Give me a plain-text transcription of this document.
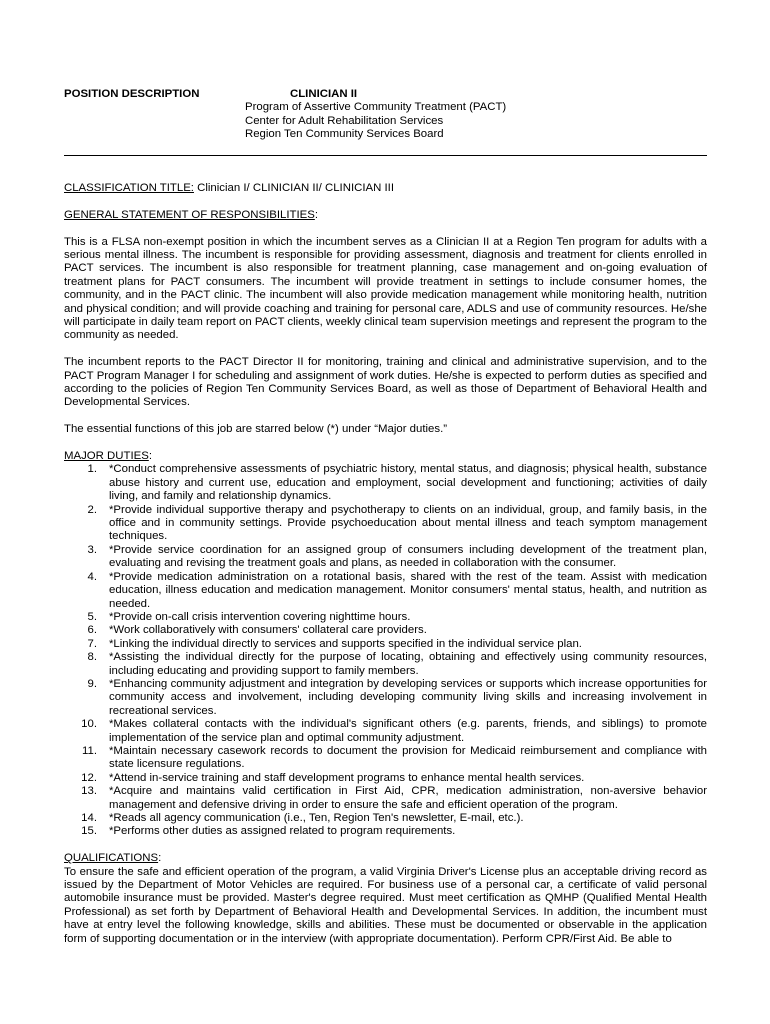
POSITION DESCRIPTION	CLINICIAN II
Program of Assertive Community Treatment (PACT)
Center for Adult Rehabilitation Services
Region Ten Community Services Board

CLASSIFICATION TITLE: Clinician I/ CLINICIAN II/ CLINICIAN III

GENERAL STATEMENT OF RESPONSIBILITIES:

This is a FLSA non-exempt position in which the incumbent serves as a Clinician II at a Region Ten program for adults with a serious mental illness. The incumbent is responsible for providing assessment, diagnosis and treatment for clients enrolled in PACT services. The incumbent is also responsible for treatment planning, case management and on-going evaluation of treatment plans for PACT consumers. The incumbent will provide treatment in settings to include consumer homes, the community, and in the PACT clinic. The incumbent will also provide medication management while monitoring health, nutrition and physical condition; and will provide coaching and training for personal care, ADLS and use of community resources. He/she will participate in daily team report on PACT clients, weekly clinical team supervision meetings and represent the program to the community as needed.

The incumbent reports to the PACT Director II for monitoring, training and clinical and administrative supervision, and to the PACT Program Manager I for scheduling and assignment of work duties. He/she is expected to perform duties as specified and according to the policies of Region Ten Community Services Board, as well as those of Department of Behavioral Health and Developmental Services.

The essential functions of this job are starred below (*) under “Major duties.”

MAJOR DUTIES:

1. *Conduct comprehensive assessments of psychiatric history, mental status, and diagnosis; physical health, substance abuse history and current use, education and employment, social development and functioning; activities of daily living, and family and relationship dynamics.
2. *Provide individual supportive therapy and psychotherapy to clients on an individual, group, and family basis, in the office and in community settings. Provide psychoeducation about mental illness and teach symptom management techniques.
3. *Provide service coordination for an assigned group of consumers including development of the treatment plan, evaluating and revising the treatment goals and plans, as needed in collaboration with the consumer.
4. *Provide medication administration on a rotational basis, shared with the rest of the team. Assist with medication education, illness education and medication management. Monitor consumers' mental status, health, and nutrition as needed.
5. *Provide on-call crisis intervention covering nighttime hours.
6. *Work collaboratively with consumers' collateral care providers.
7. *Linking the individual directly to services and supports specified in the individual service plan.
8. *Assisting the individual directly for the purpose of locating, obtaining and effectively using community resources, including educating and providing support to family members.
9. *Enhancing community adjustment and integration by developing services or supports which increase opportunities for community access and involvement, including developing community living skills and increasing involvement in recreational services.
10. *Makes collateral contacts with the individual's significant others (e.g. parents, friends, and siblings) to promote implementation of the service plan and optimal community adjustment.
11. *Maintain necessary casework records to document the provision for Medicaid reimbursement and compliance with state licensure regulations.
12. *Attend in-service training and staff development programs to enhance mental health services.
13. *Acquire and maintains valid certification in First Aid, CPR, medication administration, non-aversive behavior management and defensive driving in order to ensure the safe and efficient operation of the program.
14. *Reads all agency communication (i.e., Ten, Region Ten's newsletter, E-mail, etc.).
15. *Performs other duties as assigned related to program requirements.

QUALIFICATIONS:

To ensure the safe and efficient operation of the program, a valid Virginia Driver's License plus an acceptable driving record as issued by the Department of Motor Vehicles are required. For business use of a personal car, a certificate of valid personal automobile insurance must be provided. Master's degree required. Must meet certification as QMHP (Qualified Mental Health Professional) as set forth by Department of Behavioral Health and Developmental Services. In addition, the incumbent must have at entry level the following knowledge, skills and abilities. These must be documented or observable in the application form of supporting documentation or in the interview (with appropriate documentation). Perform CPR/First Aid. Be able to
